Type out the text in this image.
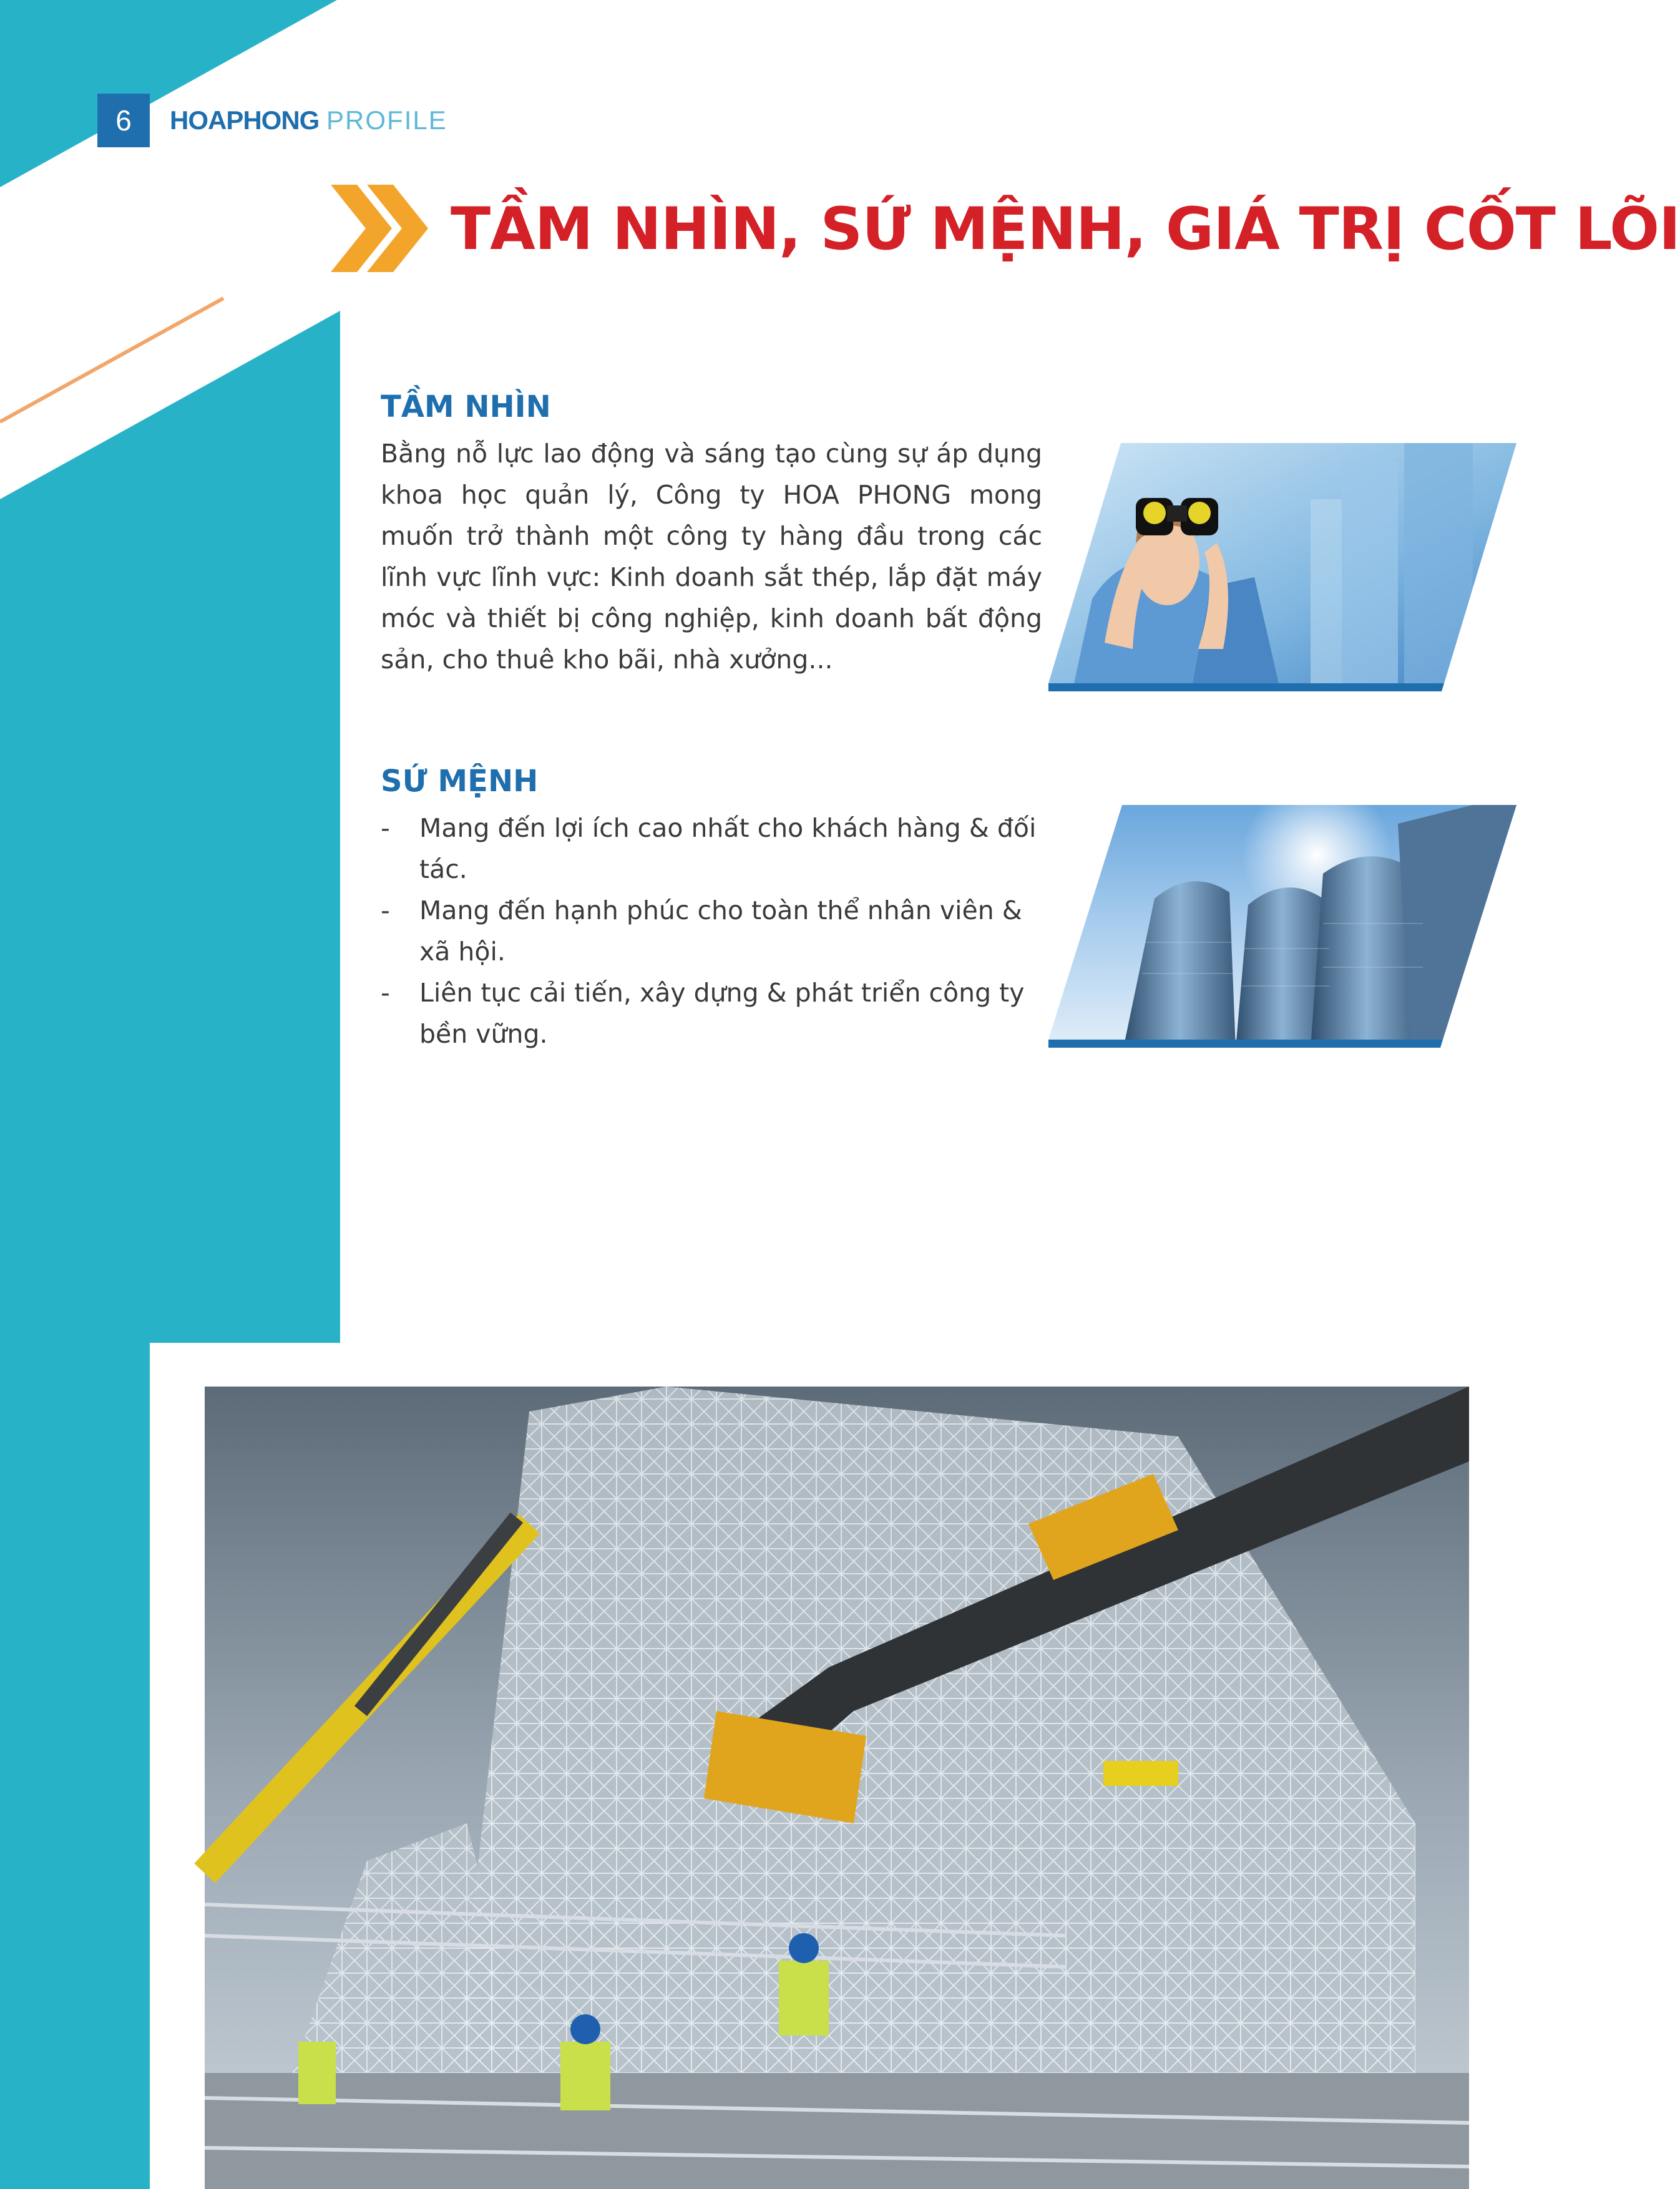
6 HOAPHONG PROFILE
TẦM NHÌN, SỨ MỆNH, GIÁ TRỊ CỐT LÕI
TẦM NHÌN
Bằng nỗ lực lao động và sáng tạo cùng sự áp dụng khoa học quản lý, Công ty HOA PHONG mong muốn trở thành một công ty hàng đầu trong các lĩnh vực lĩnh vực: Kinh doanh sắt thép, lắp đặt máy móc và thiết bị công nghiệp, kinh doanh bất động sản, cho thuê kho bãi, nhà xưởng...
SỨ MỆNH
- Mang đến lợi ích cao nhất cho khách hàng & đối tác.
- Mang đến hạnh phúc cho toàn thể nhân viên & xã hội.
- Liên tục cải tiến, xây dựng & phát triển công ty bền vững.
